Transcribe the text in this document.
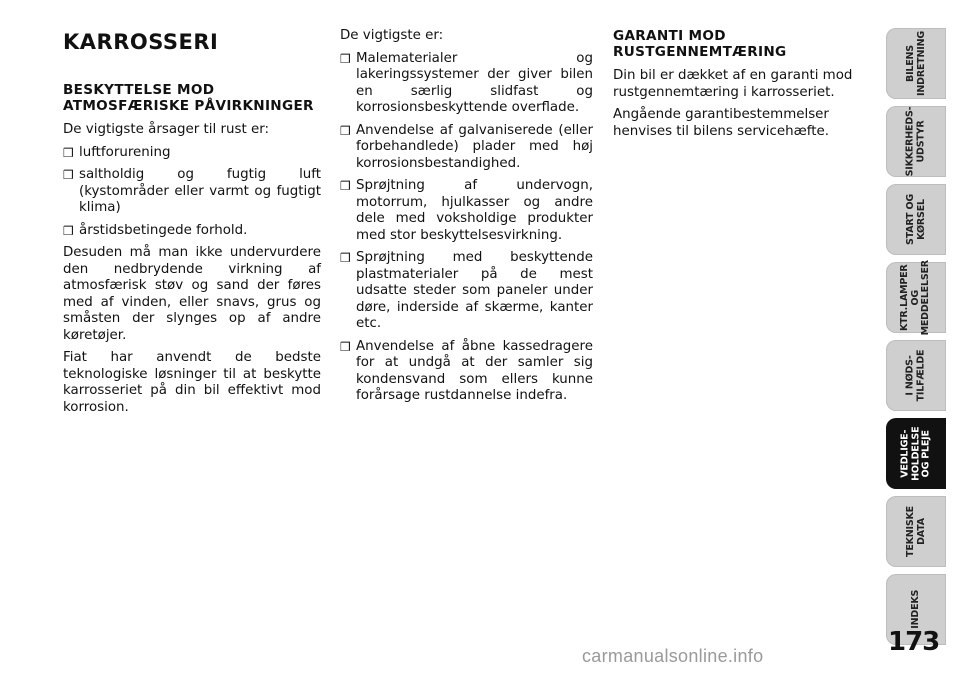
KARROSSERI
BESKYTTELSE MOD ATMOSFÆRISKE PÅVIRKNINGER

De vigtigste årsager til rust er:

❒ luftforurening
❒ saltholdig og fugtig luft (kystområder eller varmt og fugtigt klima)
❒ årstidsbetingede forhold.

Desuden må man ikke undervurdere den nedbrydende virkning af atmosfærisk støv og sand der føres med af vinden, eller snavs, grus og småsten der slynges op af andre køretøjer.

Fiat har anvendt de bedste teknologiske løsninger til at beskytte karrosseriet på din bil effektivt mod korrosion.

De vigtigste er:

❒ Malematerialer og lakeringssystemer der giver bilen en særlig slidfast og korrosionsbeskyttende overflade.
❒ Anvendelse af galvaniserede (eller forbehandlede) plader med høj korrosionsbestandighed.
❒ Sprøjtning af undervogn, motorrum, hjulkasser og andre dele med voksholdige produkter med stor beskyttelsesvirkning.
❒ Sprøjtning med beskyttende plastmaterialer på de mest udsatte steder som paneler under døre, inderside af skærme, kanter etc.
❒ Anvendelse af åbne kassedragere for at undgå at der samler sig kondensvand som ellers kunne forårsage rustdannelse indefra.
GARANTI MOD RUSTGENNEMTÆRING

Din bil er dækket af en garanti mod rustgennemtæring i karrosseriet.

Angående garantibestemmelser henvises til bilens servicehæfte.

BILENS
INDRETNING
SIKKERHEDS-
UDSTYR
START OG
KØRSEL
KTR.LAMPER
OG
MEDDELELSER
I NØDS-
TILFÆLDE
VEDLIGE-
HOLDELSE
OG PLEJE
TEKNISKE
DATA
INDEKS
173
carmanualsonline.info
